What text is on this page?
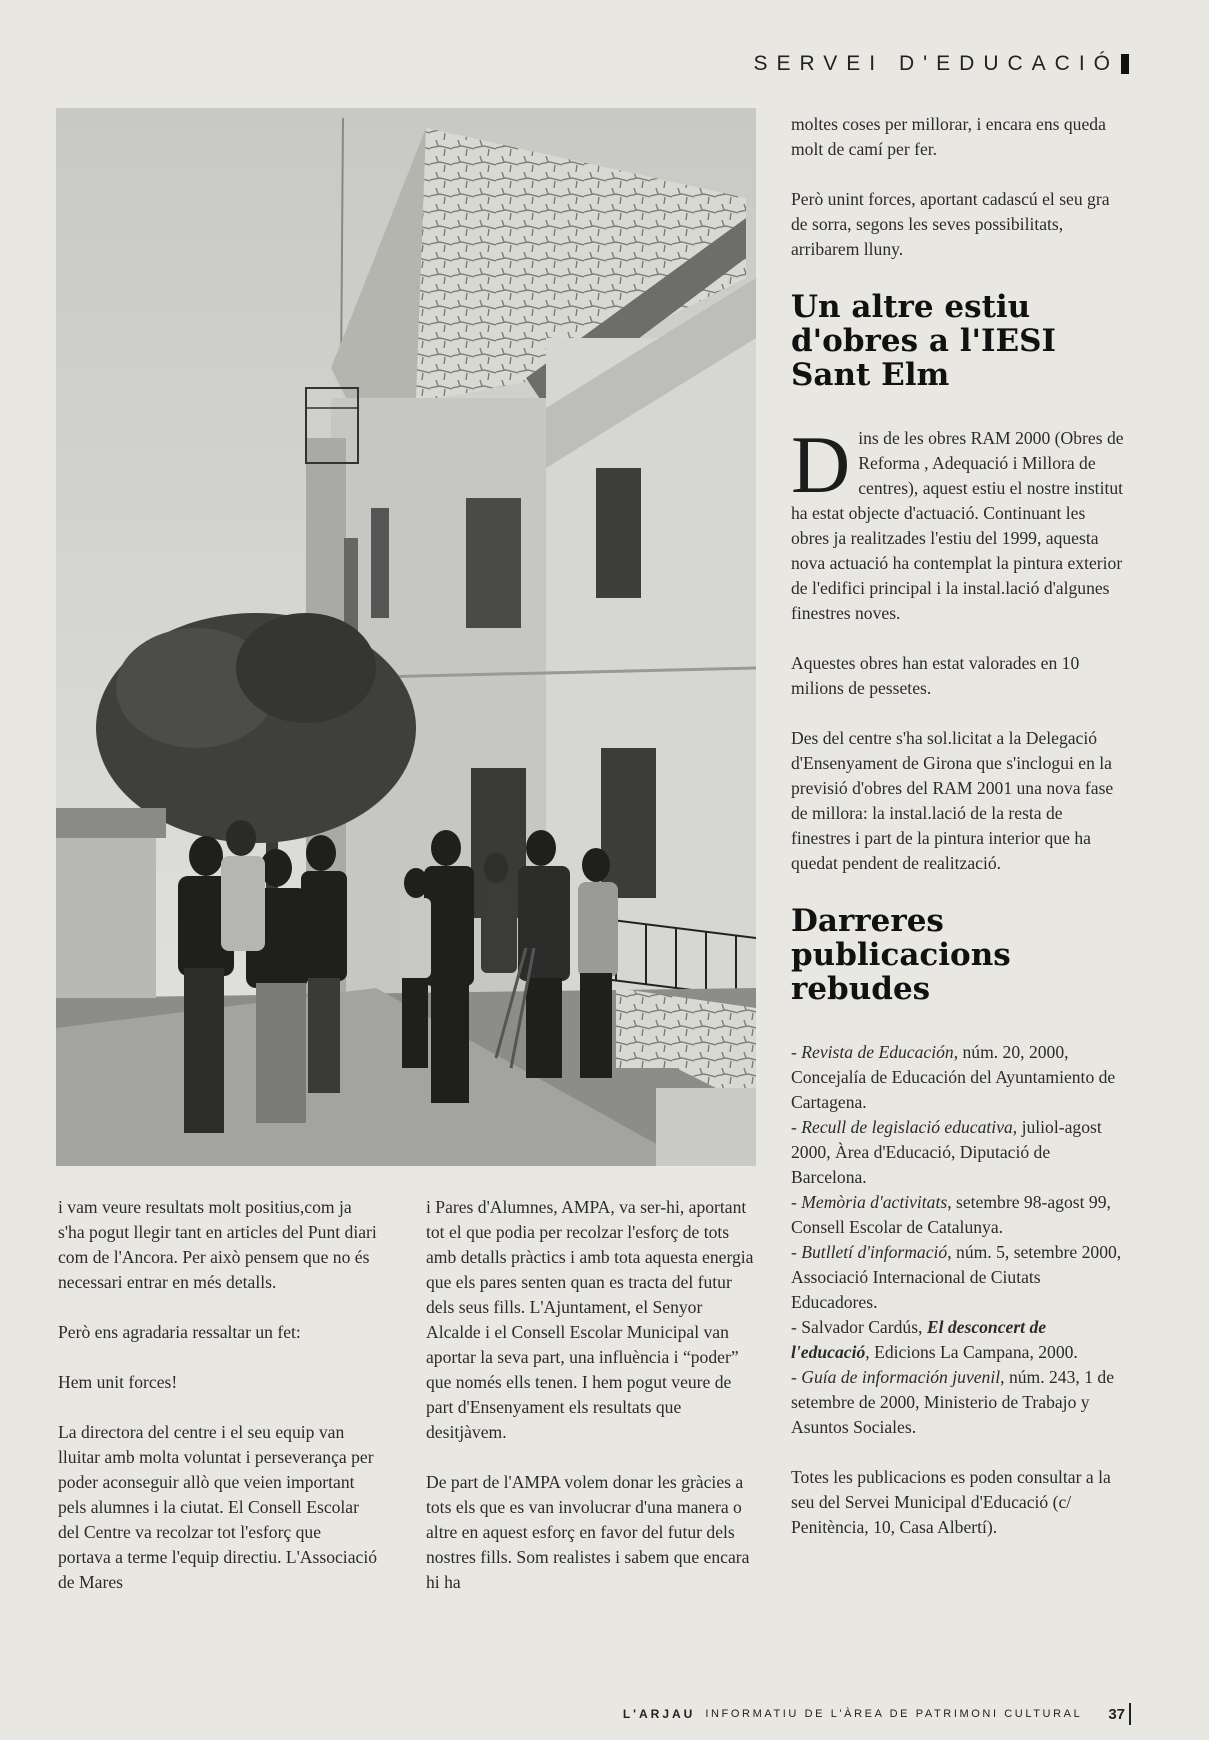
SERVEI D'EDUCACIÓ

i vam veure resultats molt positius,com ja s'ha pogut llegir tant en articles del Punt diari com de l'Ancora. Per això pensem que no és necessari entrar en més detalls.

Però ens agradaria ressaltar un fet:

Hem unit forces!

La directora del centre i el seu equip van lluitar amb molta voluntat i perseverança per poder aconseguir allò que veien important pels alumnes i la ciutat. El Consell Escolar del Centre va recolzar tot l'esforç que portava a terme l'equip directiu. L'Associació de Mares

i Pares d'Alumnes, AMPA, va ser-hi, aportant tot el que podia per recolzar l'esforç de tots amb detalls pràctics i amb tota aquesta energia que els pares senten quan es tracta del futur dels seus fills. L'Ajuntament, el Senyor Alcalde i el Consell Escolar Municipal van aportar la seva part, una influència i “poder” que només ells tenen. I hem pogut veure de part d'Ensenyament els resultats que desitjàvem.

De part de l'AMPA volem donar les gràcies a tots els que es van involucrar d'una manera o altre en aquest esforç en favor del futur dels nostres fills. Som realistes i sabem que encara hi ha

moltes coses per millorar, i encara ens queda molt de camí per fer.

Però unint forces, aportant cadascú el seu gra de sorra, segons les seves possibilitats, arribarem lluny.

Un altre estiu d'obres a l'IESI Sant Elm

Dins de les obres RAM 2000 (Obres de Reforma , Adequació i Millora de centres), aquest estiu el nostre institut ha estat objecte d'actuació. Continuant les obres ja realitzades l'estiu del 1999, aquesta nova actuació ha contemplat la pintura exterior de l'edifici principal i la instal.lació d'algunes finestres noves.

Aquestes obres han estat valorades en 10 milions de pessetes.

Des del centre s'ha sol.licitat a la Delegació d'Ensenyament de Girona que s'inclogui en la previsió d'obres del RAM 2001 una nova fase de millora: la instal.lació de la resta de finestres i part de la pintura interior que ha quedat pendent de realització.

Darreres publicacions rebudes

- Revista de Educación, núm. 20, 2000, Concejalía de Educación del Ayuntamiento de Cartagena.

- Recull de legislació educativa, juliol-agost 2000, Àrea d'Educació, Diputació de Barcelona.

- Memòria d'activitats, setembre 98-agost 99, Consell Escolar de Catalunya.

- Butlletí d'informació, núm. 5, setembre 2000, Associació Internacional de Ciutats Educadores.

- Salvador Cardús, El desconcert de l'educació, Edicions La Campana, 2000.

- Guía de información juvenil, núm. 243, 1 de setembre de 2000, Ministerio de Trabajo y Asuntos Sociales.

Totes les publicacions es poden consultar a la seu del Servei Municipal d'Educació (c/ Penitència, 10, Casa Albertí).

L'ARJAU INFORMATIU DE L'ÀREA DE PATRIMONI CULTURAL 37
